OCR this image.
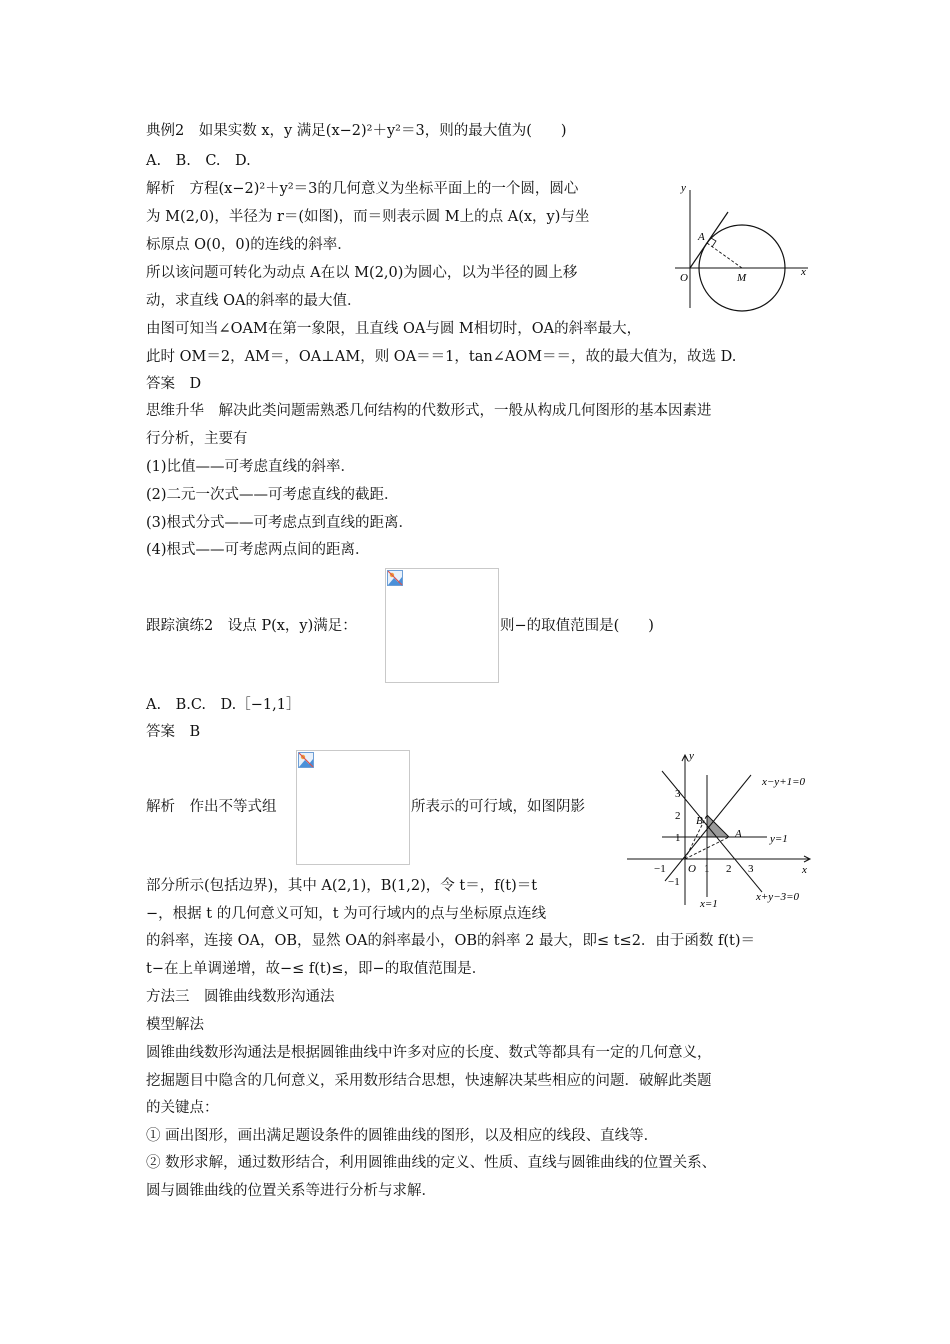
典例2　如果实数 x，y 满足(x−2)²＋y²＝3，则的最大值为(　　)
A.　B.　C.　D.
解析　方程(x−2)²＋y²＝3的几何意义为坐标平面上的一个圆，圆心
为 M(2,0)，半径为 r＝(如图)，而＝则表示圆 M上的点 A(x，y)与坐
标原点 O(0，0)的连线的斜率．
所以该问题可转化为动点 A在以 M(2,0)为圆心，以为半径的圆上移
动，求直线 OA的斜率的最大值．
由图可知当∠OAM在第一象限，且直线 OA与圆 M相切时，OA的斜率最大，
此时 OM＝2，AM＝，OA⊥AM，则 OA＝＝1，tan∠AOM＝＝，故的最大值为，故选 D.
答案　D
y
x
A
O	M
思维升华　解决此类问题需熟悉几何结构的代数形式，一般从构成几何图形的基本因素进
行分析，主要有
(1)比值——可考虑直线的斜率．
(2)二元一次式——可考虑直线的截距．
(3)根式分式——可考虑点到直线的距离．
(4)根式——可考虑两点间的距离．
跟踪演练2　设点 P(x，y)满足：	则−的取值范围是(　　)
A.　B.C.　D.［−1,1］
答案　B
解析　作出不等式组	所表示的可行域，如图阴影
部分所示(包括边界)，其中 A(2,1)，B(1,2)，令 t＝，f(t)＝t
−，根据 t 的几何意义可知，t 为可行域内的点与坐标原点连线
的斜率，连接 OA，OB，显然 OA的斜率最小，OB的斜率 2 最大，即≤ t≤2．由于函数 f(t)＝
t−在上单调递增，故−≤ f(t)≤，即−的取值范围是．
y
x
x−y+1=0
y=1
x+y−3=0
x=1
B
A
O
3
2
1
−1
−1	1 2 3
方法三　圆锥曲线数形沟通法
模型解法
圆锥曲线数形沟通法是根据圆锥曲线中许多对应的长度、数式等都具有一定的几何意义，
挖掘题目中隐含的几何意义，采用数形结合思想，快速解决某些相应的问题．破解此类题
的关键点：
① 画出图形，画出满足题设条件的圆锥曲线的图形，以及相应的线段、直线等．
② 数形求解，通过数形结合，利用圆锥曲线的定义、性质、直线与圆锥曲线的位置关系、
圆与圆锥曲线的位置关系等进行分析与求解．
